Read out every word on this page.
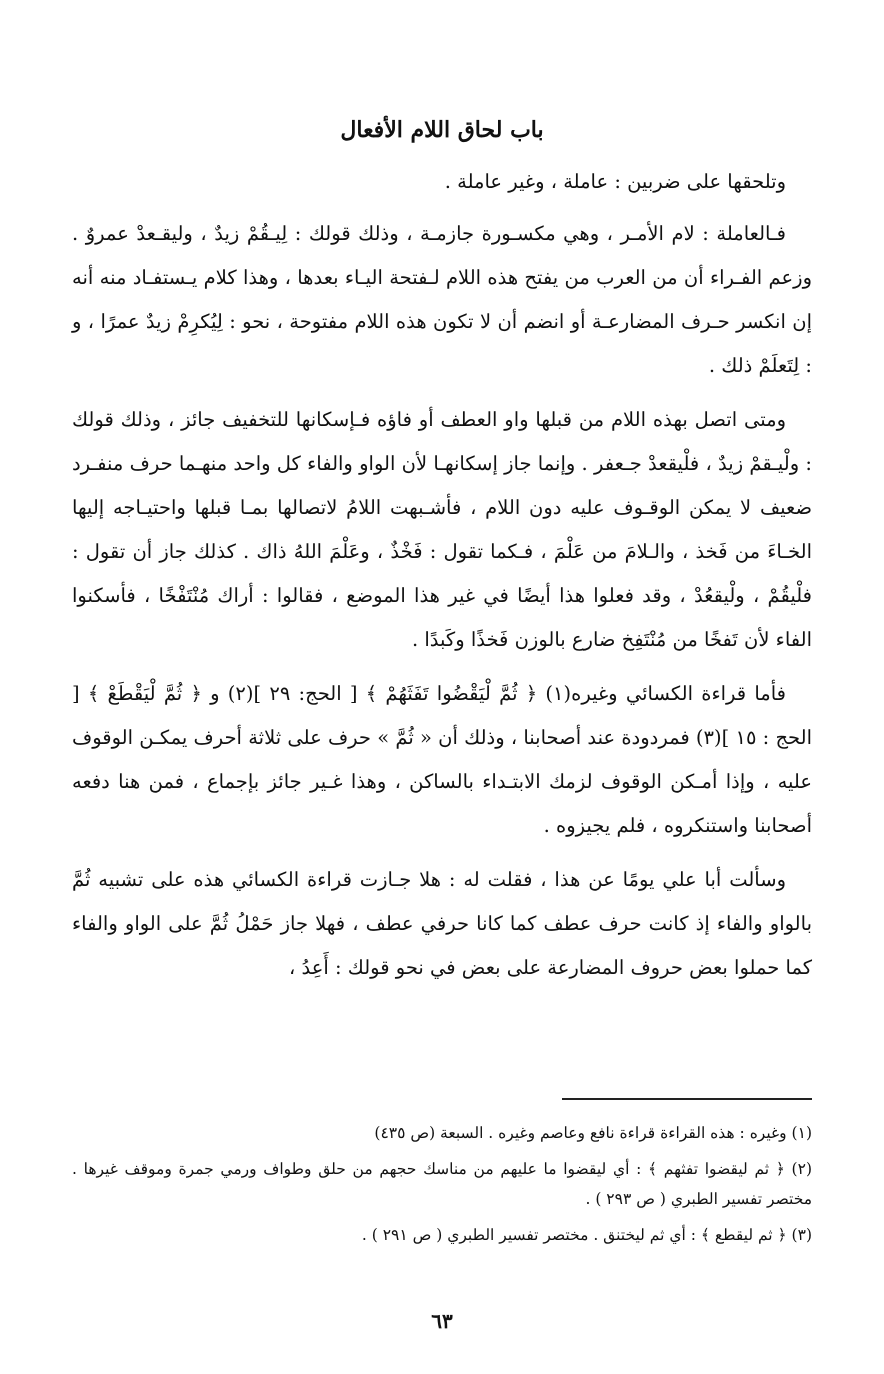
باب لحاق اللام الأفعال

وتلحقها على ضربين : عاملة ، وغير عاملة .

فـالعاملة : لام الأمـر ، وهي مكسـورة جازمـة ، وذلك قولك : لِيـقُمْ زيدٌ ، وليقـعدْ عمروٌ . وزعم الفـراء أن من العرب من يفتح هذه اللام لـفتحة اليـاء بعدها ، وهذا كلام يـستفـاد منه أنه إن انكسر حـرف المضارعـة أو انضم أن لا تكون هذه اللام مفتوحة ، نحو : لِيُكرِمْ زيدٌ عمرًا ، و : لِتَعلَمْ ذلك .

ومتى اتصل بهذه اللام من قبلها واو العطف أو فاؤه فـإسكانها للتخفيف جائز ، وذلك قولك : ولْيـقمْ زيدٌ ، فلْيقعدْ جـعفر . وإنما جاز إسكانهـا لأن الواو والفاء كل واحد منهـما حرف منفـرد ضعيف لا يمكن الوقـوف عليه دون اللام ، فأشـبهت اللامُ لاتصالها بمـا قبلها واحتيـاجه إليها الخـاءَ من فَخذ ، والـلامَ من عَلْمَ ، فـكما تقول : فَخْذٌ ، وعَلْمَ اللهُ ذاك . كذلك جاز أن تقول : فلْيقُمْ ، ولْيقعُدْ ، وقد فعلوا هذا أيضًا في غير هذا الموضع ، فقالوا : أراك مُنْتَفْخًا ، فأسكنوا الفاء لأن تَفخًا من مُنْتَفِخ ضارع بالوزن فَخذًا وكَبدًا .

فأما قراءة الكسائي وغيره(١) ﴿ ثُمَّ لْيَقْضُوا تَفَثَهُمْ ﴾ [ الحج: ٢٩ ](٢) و ﴿ ثُمَّ لْيَقْطَعْ ﴾ [ الحج : ١٥ ](٣) فمردودة عند أصحابنا ، وذلك أن « ثُمَّ » حرف على ثلاثة أحرف يمكـن الوقوف عليه ، وإذا أمـكن الوقوف لزمك الابتـداء بالساكن ، وهذا غـير جائز بإجماع ، فمن هنا دفعه أصحابنا واستنكروه ، فلم يجيزوه .

وسألت أبا علي يومًا عن هذا ، فقلت له : هلا جـازت قراءة الكسائي هذه على تشبيه ثُمَّ بالواو والفاء إذ كانت حرف عطف كما كانا حرفي عطف ، فهلا جاز حَمْلُ ثُمَّ على الواو والفاء كما حملوا بعض حروف المضارعة على بعض في نحو قولك : أَعِدُ ،

(١) وغيره : هذه القراءة قراءة نافع وعاصم وغيره . السبعة (ص ٤٣٥)
(٢) ﴿ ثم ليقضوا تفثهم ﴾ : أي ليقضوا ما عليهم من مناسك حجهم من حلق وطواف ورمي جمرة وموقف غيرها . مختصر تفسير الطبري ( ص ٢٩٣ ) .
(٣) ﴿ ثم ليقطع ﴾ : أي ثم ليختنق . مختصر تفسير الطبري ( ص ٢٩١ ) .
٦٣
